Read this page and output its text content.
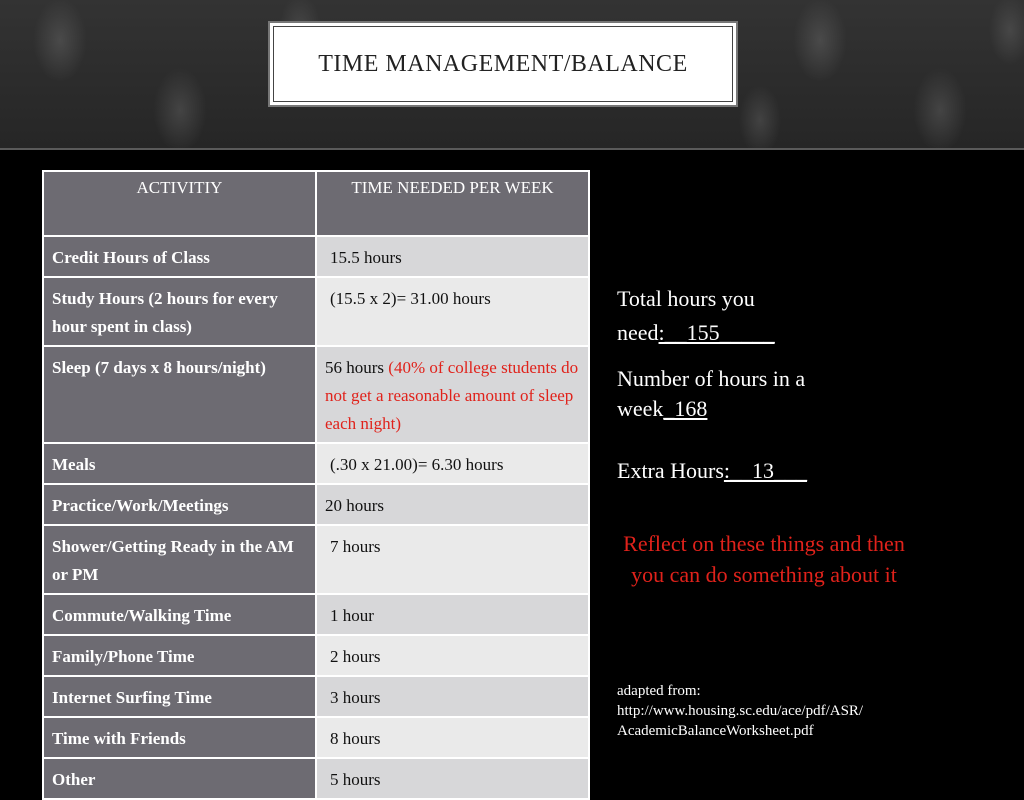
TIME MANAGEMENT/BALANCE
ACTIVITIY	TIME NEEDED PER WEEK
Credit Hours of Class	15.5 hours
Study Hours (2 hours for every hour spent in class)	(15.5 x 2)= 31.00 hours
Sleep (7 days x 8 hours/night)	56 hours (40% of college students do not get a reasonable amount of sleep each night)
Meals	(.30 x 21.00)= 6.30 hours
Practice/Work/Meetings	20 hours
Shower/Getting Ready in the AM or PM	7 hours
Commute/Walking Time	1 hour
Family/Phone Time	2 hours
Internet Surfing Time	3 hours
Time with Friends	8 hours
Other	5 hours
Total hours you
need:__155_____
Number of hours in a
week_168
Extra Hours:__13___
Reflect on these things and then you can do something about it
adapted from:
http://www.housing.sc.edu/ace/pdf/ASR/
AcademicBalanceWorksheet.pdf
